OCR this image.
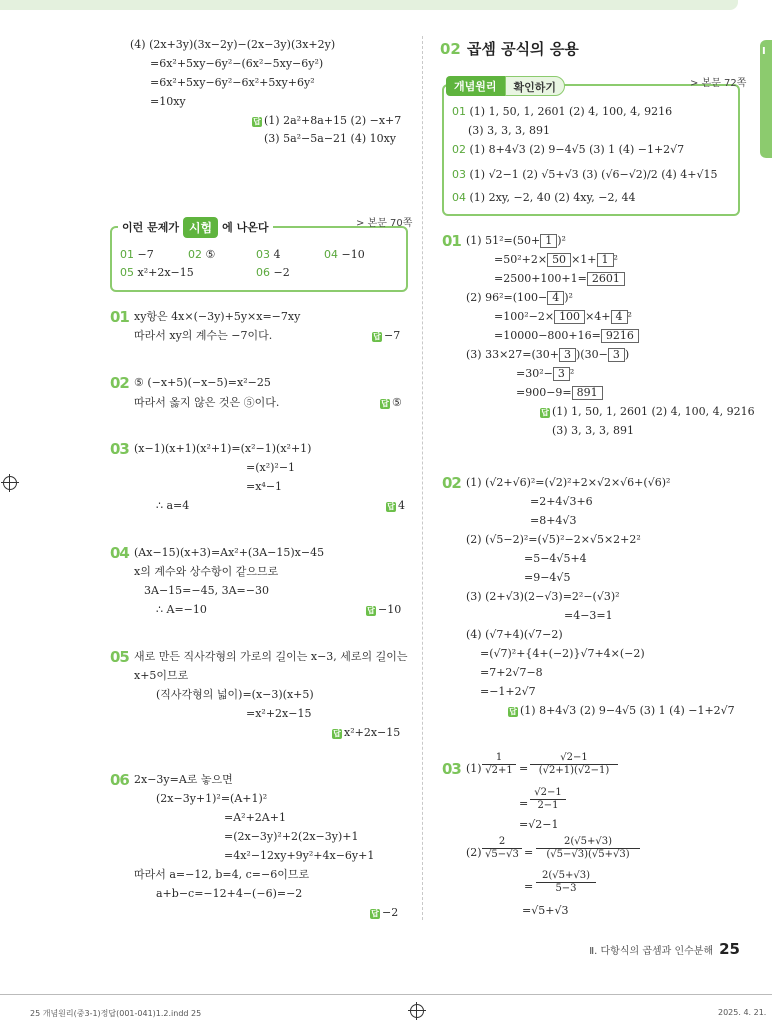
I
(4) (2x+3y)(3x−2y)−(2x−3y)(3x+2y)
=6x²+5xy−6y²−(6x²−5xy−6y²)
=6x²+5xy−6y²−6x²+5xy+6y²
=10xy
답 (1) 2a²+8a+15 (2) −x+7
(3) 5a²−5a−21 (4) 10xy
이런 문제가 시험 에 나온다	> 본문 70쪽
01 −7	02 ⑤	03 4	04 −10
05 x²+2x−15	06 −2
01 xy항은 4x×(−3y)+5y×x=−7xy
따라서 xy의 계수는 −7이다.	답 −7
02 ⑤ (−x+5)(−x−5)=x²−25
따라서 옳지 않은 것은 ⑤이다.	답 ⑤
03 (x−1)(x+1)(x²+1)=(x²−1)(x²+1)
=(x²)²−1
=x⁴−1
∴ a=4	답 4
04 (Ax−15)(x+3)=Ax²+(3A−15)x−45
x의 계수와 상수항이 같으므로
3A−15=−45, 3A=−30
∴ A=−10	답 −10
05 새로 만든 직사각형의 가로의 길이는 x−3, 세로의 길이는
x+5이므로
(직사각형의 넓이)=(x−3)(x+5)
=x²+2x−15
답 x²+2x−15
06 2x−3y=A로 놓으면
(2x−3y+1)²=(A+1)²
=A²+2A+1
=(2x−3y)²+2(2x−3y)+1
=4x²−12xy+9y²+4x−6y+1
따라서 a=−12, b=4, c=−6이므로
a+b−c=−12+4−(−6)=−2
답 −2
02 곱셈 공식의 응용
개념원리	확인하기	> 본문 72쪽
01 (1) 1, 50, 1, 2601 (2) 4, 100, 4, 9216
(3) 3, 3, 3, 891
02 (1) 8+4√3 (2) 9−4√5 (3) 1 (4) −1+2√7
03 (1) √2−1 (2) √5+√3 (3) (√6−√2)/2 (4) 4+√15
04 (1) 2xy, −2, 40 (2) 4xy, −2, 44
01 (1) 51²=(50+ 1 )²
=50²+2× 50 ×1+ 1 ²
=2500+100+1= 2601
(2) 96²=(100− 4 )²
=100²−2× 100 ×4+ 4 ²
=10000−800+16= 9216
(3) 33×27=(30+ 3 )(30− 3 )
=30²− 3 ²
=900−9= 891
답 (1) 1, 50, 1, 2601 (2) 4, 100, 4, 9216
(3) 3, 3, 3, 891
02 (1) (√2+√6)²=(√2)²+2×√2×√6+(√6)²
=2+4√3+6
=8+4√3
(2) (√5−2)²=(√5)²−2×√5×2+2²
=5−4√5+4
=9−4√5
(3) (2+√3)(2−√3)=2²−(√3)²
=4−3=1
(4) (√7+4)(√7−2)
=(√7)²+{4+(−2)}√7+4×(−2)
=7+2√7−8
=−1+2√7
답 (1) 8+4√3 (2) 9−4√5 (3) 1 (4) −1+2√7
03 (1)
1
√2+1 =
√2−1
(√2+1)(√2−1)
=
√2−1
2−1
=√2−1
(2)
2
√5−√3 =
2(√5+√3)
(√5−√3)(√5+√3)
=
2(√5+√3)
5−3
=√5+√3
Ⅱ. 다항식의 곱셈과 인수분해 25
25 개념원리(중3-1)정답(001-041)1.2.indd 25	2025. 4. 21.
